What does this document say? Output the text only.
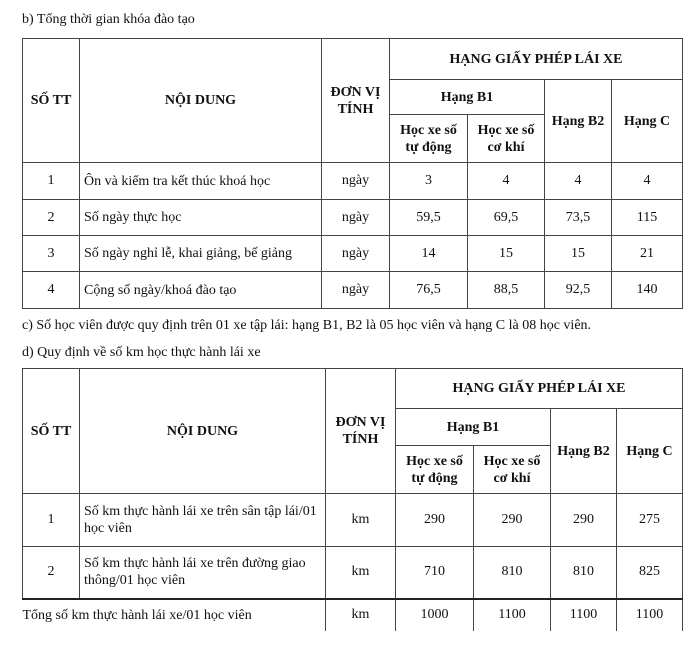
b) Tổng thời gian khóa đào tạo
SỐ TT	NỘI DUNG	ĐƠN VỊ TÍNH	HẠNG GIẤY PHÉP LÁI XE			
			Hạng B1		Hạng B2	Hạng C
			Học xe số tự động	Học xe số cơ khí		
1	Ôn và kiểm tra kết thúc khoá học	ngày	3	4	4	4
2	Số ngày thực học	ngày	59,5	69,5	73,5	115
3	Số ngày nghỉ lễ, khai giảng, bế giảng	ngày	14	15	15	21
4	Cộng số ngày/khoá đào tạo	ngày	76,5	88,5	92,5	140
c) Số học viên được quy định trên 01 xe tập lái: hạng B1, B2 là 05 học viên và hạng C là 08 học viên.
d) Quy định về số km học thực hành lái xe
SỐ TT	NỘI DUNG	ĐƠN VỊ TÍNH	HẠNG GIẤY PHÉP LÁI XE			
			Hạng B1		Hạng B2	Hạng C
			Học xe số tự động	Học xe số cơ khí		
1	Số km thực hành lái xe trên sân tập lái/01 học viên	km	290	290	290	275
2	Số km thực hành lái xe trên đường giao thông/01 học viên	km	710	810	810	825
Tổng số km thực hành lái xe/01 học viên		km	1000	1100	1100	1100
